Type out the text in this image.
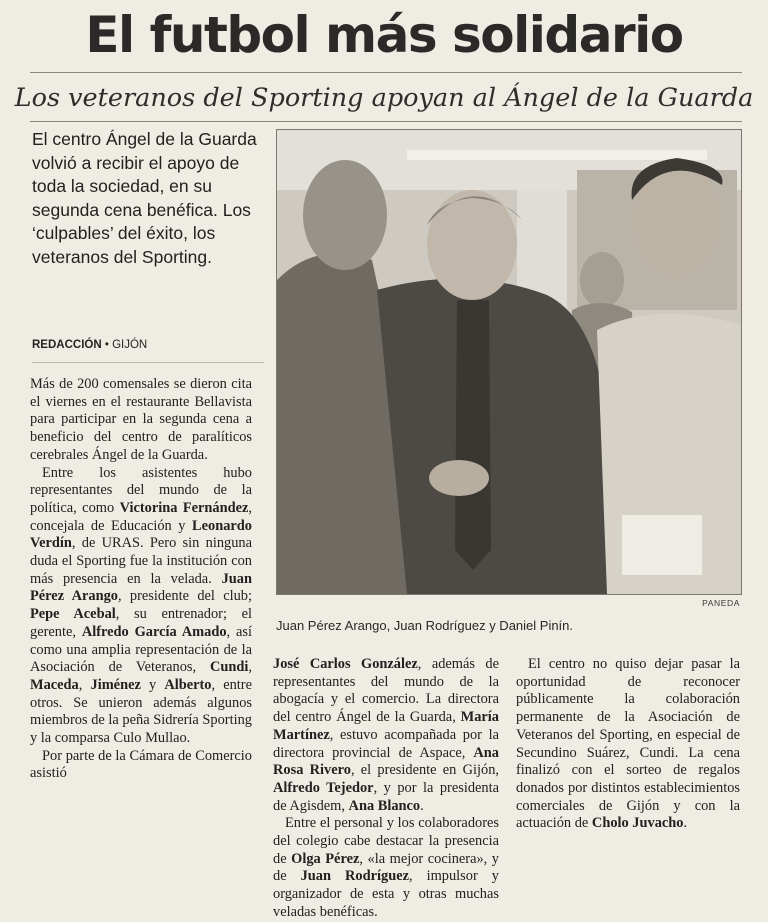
El futbol más solidario
Los veteranos del Sporting apoyan al Ángel de la Guarda

El centro Ángel de la Guarda volvió a recibir el apoyo de toda la sociedad, en su segunda cena benéfica. Los ‘culpables’ del éxito, los veteranos del Sporting.

REDACCIÓN • GIJÓN
PANEDA
Juan Pérez Arango, Juan Rodríguez y Daniel Pinín.

Más de 200 comensales se dieron cita el viernes en el restaurante Bellavista para participar en la segunda cena a beneficio del centro de paralíticos cerebrales Ángel de la Guarda.

Entre los asistentes hubo representantes del mundo de la política, como Victorina Fernández, concejala de Educación y Leonardo Verdín, de URAS. Pero sin ninguna duda el Sporting fue la institución con más presencia en la velada. Juan Pérez Arango, presidente del club; Pepe Acebal, su entrenador; el gerente, Alfredo García Amado, así como una amplia representación de la Asociación de Veteranos, Cundi, Maceda, Jiménez y Alberto, entre otros. Se unieron además algunos miembros de la peña Sidrería Sporting y la comparsa Culo Mullao.

Por parte de la Cámara de Comercio asistió

José Carlos González, además de representantes del mundo de la abogacía y el comercio. La directora del centro Ángel de la Guarda, María Martínez, estuvo acompañada por la directora provincial de Aspace, Ana Rosa Rivero, el presidente en Gijón, Alfredo Tejedor, y por la presidenta de Agisdem, Ana Blanco.

Entre el personal y los colaboradores del colegio cabe destacar la presencia de Olga Pérez, «la mejor cocinera», y de Juan Rodríguez, impulsor y organizador de esta y otras muchas veladas benéficas.

El centro no quiso dejar pasar la oportunidad de reconocer públicamente la colaboración permanente de la Asociación de Veteranos del Sporting, en especial de Secundino Suárez, Cundi. La cena finalizó con el sorteo de regalos donados por distintos establecimientos comerciales de Gijón y con la actuación de Cholo Juvacho.
